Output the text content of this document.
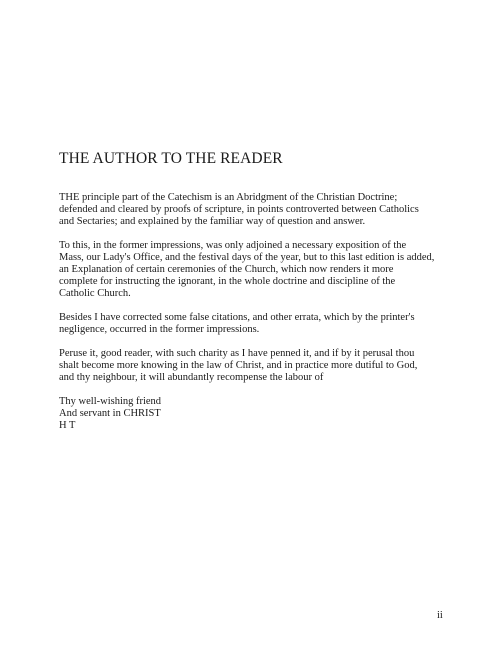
THE AUTHOR TO THE READER

THE principle part of the Catechism is an Abridgment of the Christian Doctrine;
defended and cleared by proofs of scripture, in points controverted between Catholics
and Sectaries; and explained by the familiar way of question and answer.

To this, in the former impressions, was only adjoined a necessary exposition of the
Mass, our Lady's Office, and the festival days of the year, but to this last edition is added,
an Explanation of certain ceremonies of the Church, which now renders it more
complete for instructing the ignorant, in the whole doctrine and discipline of the
Catholic Church.

Besides I have corrected some false citations, and other errata, which by the printer's
negligence, occurred in the former impressions.

Peruse it, good reader, with such charity as I have penned it, and if by it perusal thou
shalt become more knowing in the law of Christ, and in practice more dutiful to God,
and thy neighbour, it will abundantly recompense the labour of

Thy well-wishing friend
And servant in CHRIST
H T

ii
